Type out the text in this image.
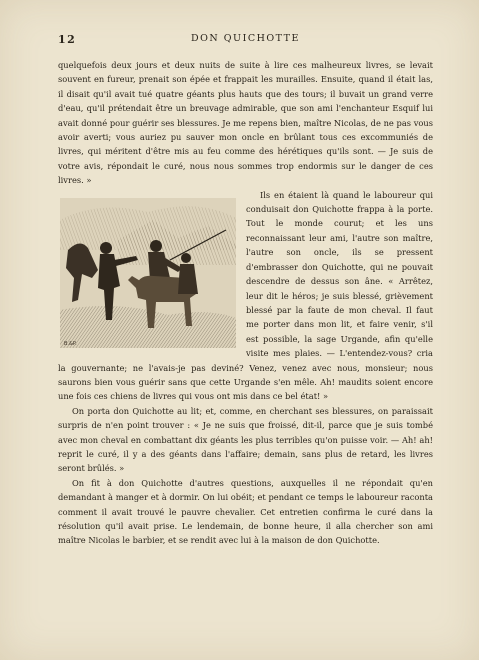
12	DON QUICHOTTE

quelquefois deux jours et deux nuits de suite à lire ces malheureux livres, se levait souvent en fureur, prenait son épée et frappait les murailles. Ensuite, quand il était las, il disait qu'il avait tué quatre géants plus hauts que des tours; il buvait un grand verre d'eau, qu'il prétendait être un breuvage admirable, que son ami l'enchanteur Esquif lui avait donné pour guérir ses blessures. Je me repens bien, maître Nicolas, de ne pas vous avoir averti; vous auriez pu sauver mon oncle en brûlant tous ces excommuniés de livres, qui méritent d'être mis au feu comme des hérétiques qu'ils sont. — Je suis de votre avis, répondait le curé, nous nous sommes trop endormis sur le danger de ces livres. »

B.&P.

Ils en étaient là quand le laboureur qui conduisait don Quichotte frappa à la porte. Tout le monde courut; et les uns reconnaissant leur ami, l'autre son maître, l'autre son oncle, ils se pressent d'embrasser don Quichotte, qui ne pouvait descendre de dessus son âne. « Arrêtez, leur dit le héros; je suis blessé, grièvement blessé par la faute de mon cheval. Il faut me porter dans mon lit, et faire venir, s'il est possible, la sage Urgande, afin qu'elle visite mes plaies. — L'entendez-vous? cria la gouvernante; ne l'avais-je pas deviné? Venez, venez avec nous, monsieur; nous saurons bien vous guérir sans que cette Urgande s'en mêle. Ah! maudits soient encore une fois ces chiens de livres qui vous ont mis dans ce bel état! »

On porta don Quichotte au lit; et, comme, en cherchant ses blessures, on paraissait surpris de n'en point trouver : « Je ne suis que froissé, dit-il, parce que je suis tombé avec mon cheval en combattant dix géants les plus terribles qu'on puisse voir. — Ah! ah! reprit le curé, il y a des géants dans l'affaire; demain, sans plus de retard, les livres seront brûlés. »

On fit à don Quichotte d'autres questions, auxquelles il ne répondait qu'en demandant à manger et à dormir. On lui obéit; et pendant ce temps le laboureur raconta comment il avait trouvé le pauvre chevalier. Cet entretien confirma le curé dans la résolution qu'il avait prise. Le lendemain, de bonne heure, il alla chercher son ami maître Nicolas le barbier, et se rendit avec lui à la maison de don Quichotte.
